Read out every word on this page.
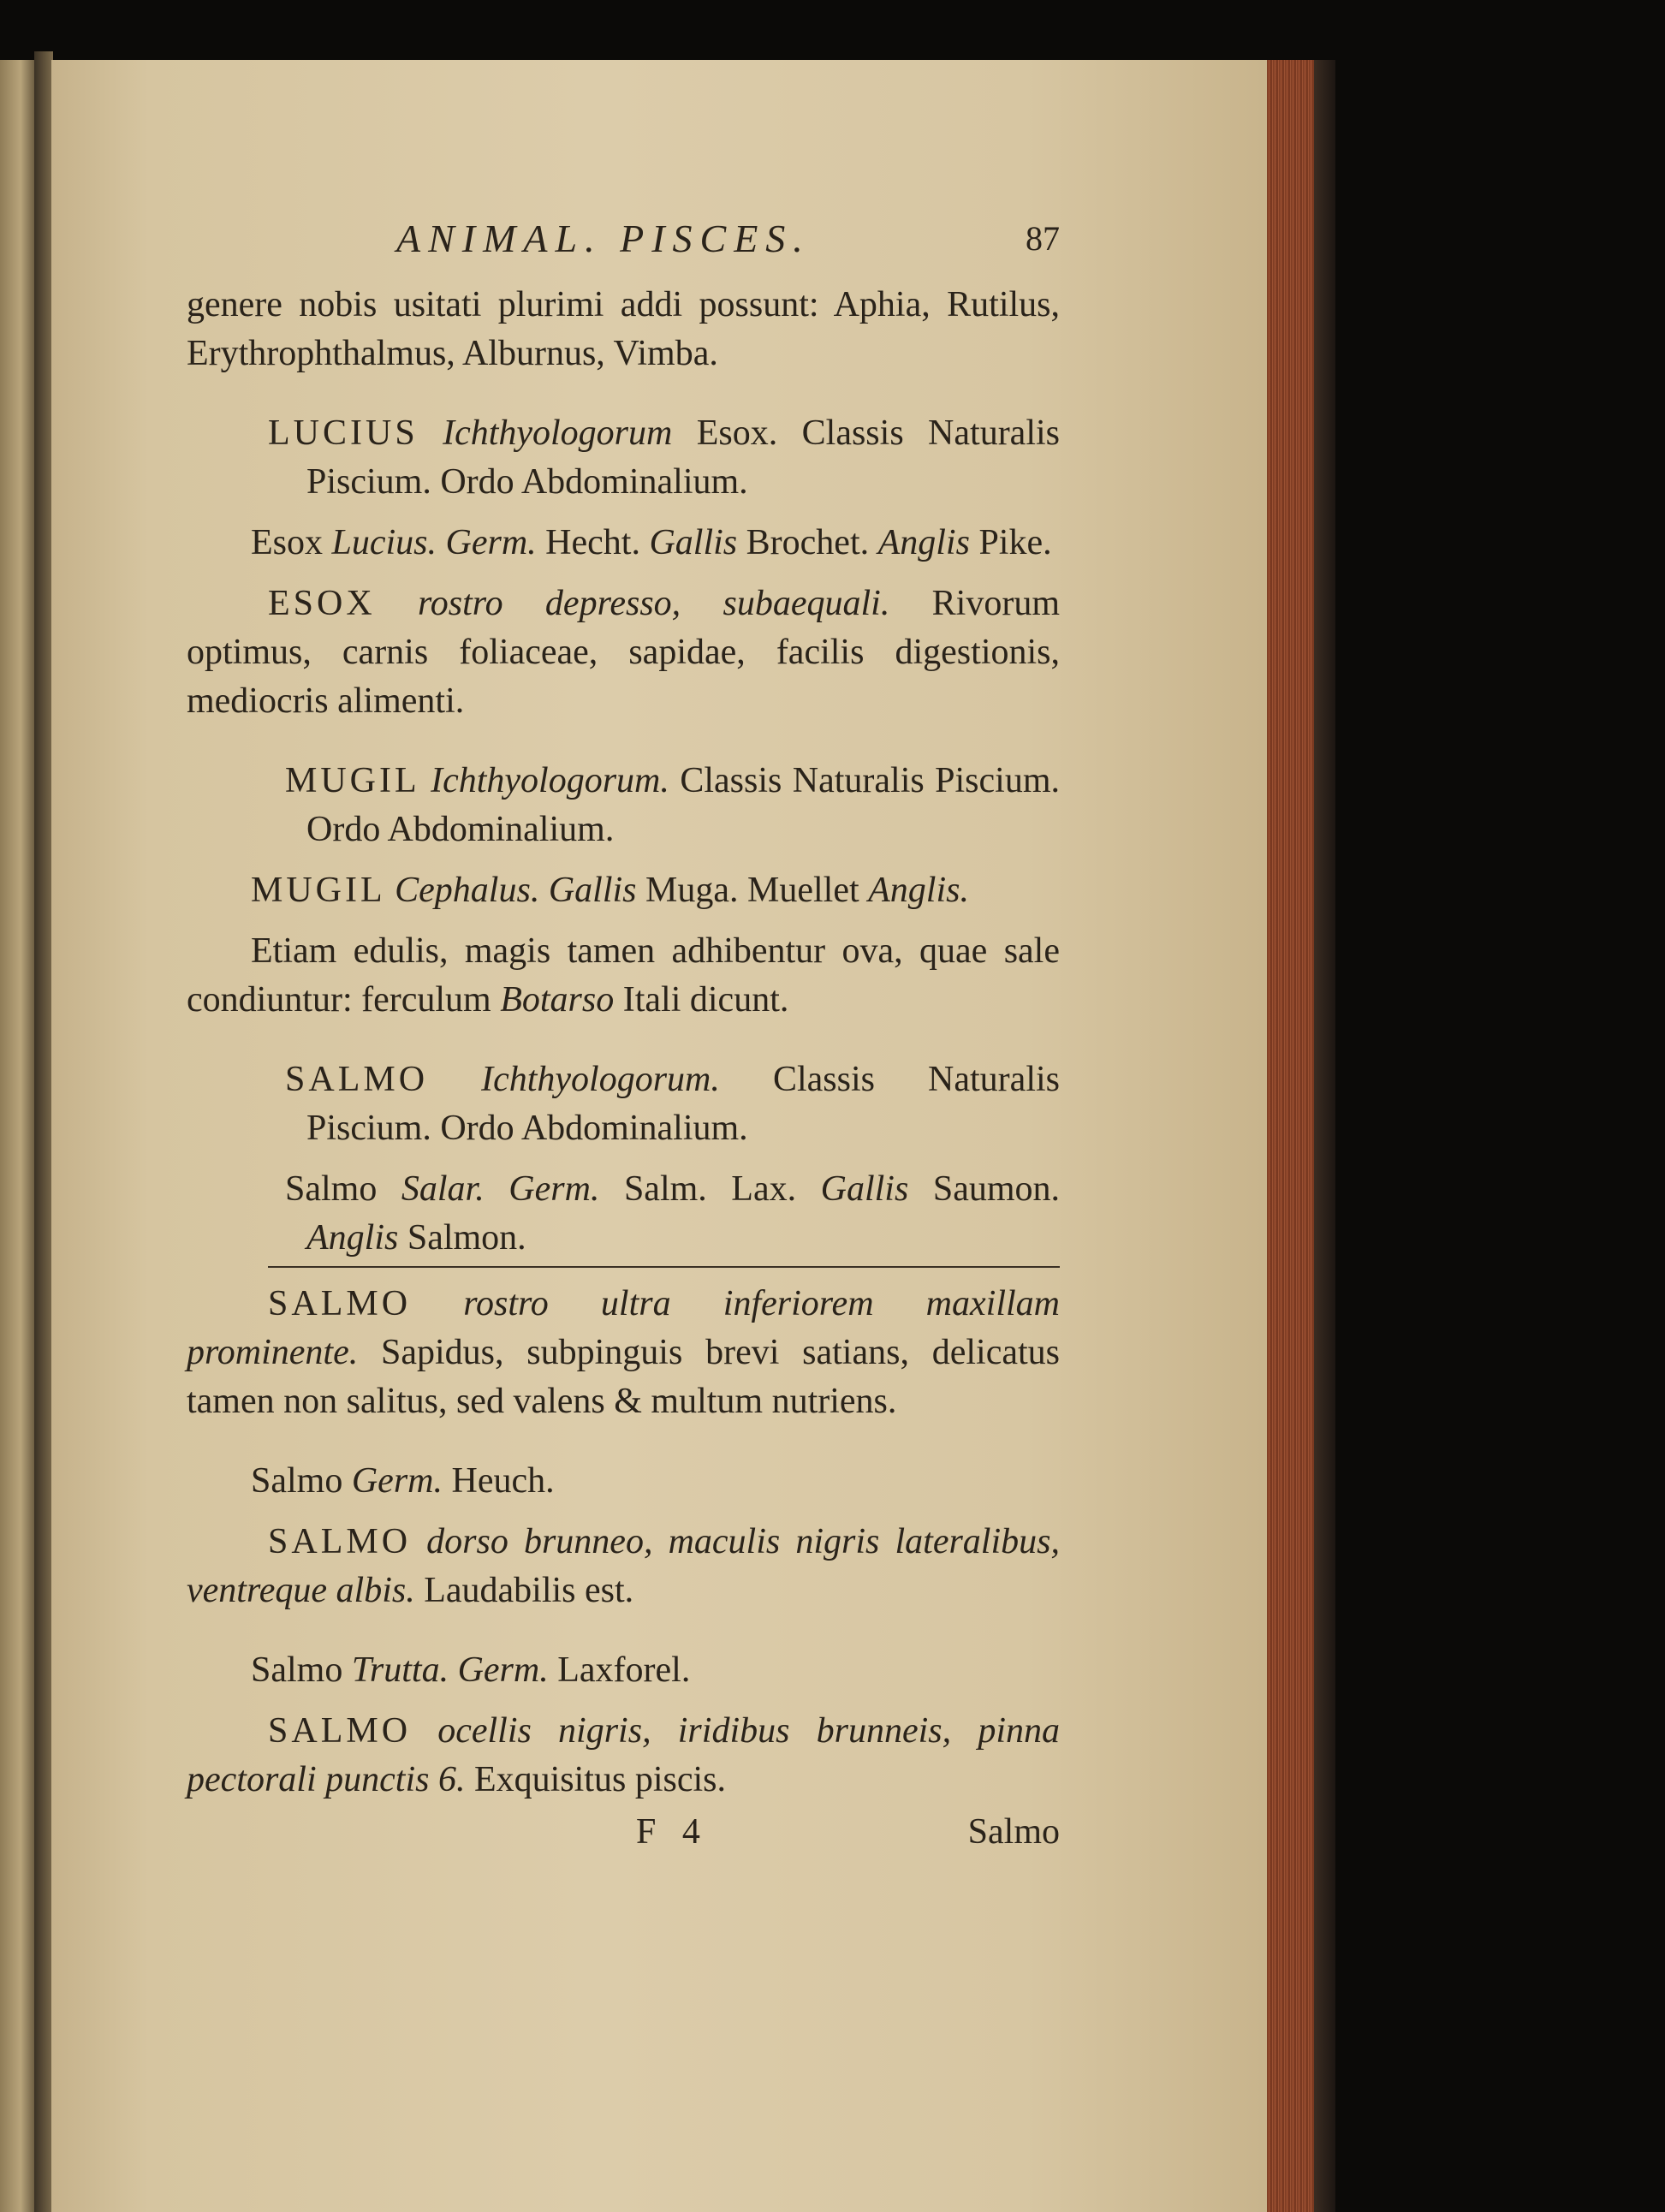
ANIMAL. PISCES.	87

genere nobis usitati plurimi addi possunt: Aphia, Rutilus, Erythrophthalmus, Alburnus, Vimba.

LUCIUS Ichthyologorum Esox. Classis Naturalis Piscium. Ordo Abdominalium.

Esox Lucius. Germ. Hecht. Gallis Brochet. Anglis Pike.

ESOX rostro depresso, subaequali. Rivorum optimus, carnis foliaceae, sapidae, facilis digestionis, mediocris alimenti.

MUGIL Ichthyologorum. Classis Naturalis Piscium. Ordo Abdominalium.

MUGIL Cephalus. Gallis Muga. Muellet Anglis.

Etiam edulis, magis tamen adhibentur ova, quae sale condiuntur: ferculum Botarso Itali dicunt.

SALMO Ichthyologorum. Classis Naturalis Piscium. Ordo Abdominalium.

Salmo Salar. Germ. Salm. Lax. Gallis Saumon. Anglis Salmon.

SALMO rostro ultra inferiorem maxillam prominente. Sapidus, subpinguis brevi satians, delicatus tamen non salitus, sed valens & multum nutriens.

Salmo Germ. Heuch.

SALMO dorso brunneo, maculis nigris lateralibus, ventreque albis. Laudabilis est.

Salmo Trutta. Germ. Laxforel.

SALMO ocellis nigris, iridibus brunneis, pinna pectorali punctis 6. Exquisitus piscis.

F 4	Salmo
